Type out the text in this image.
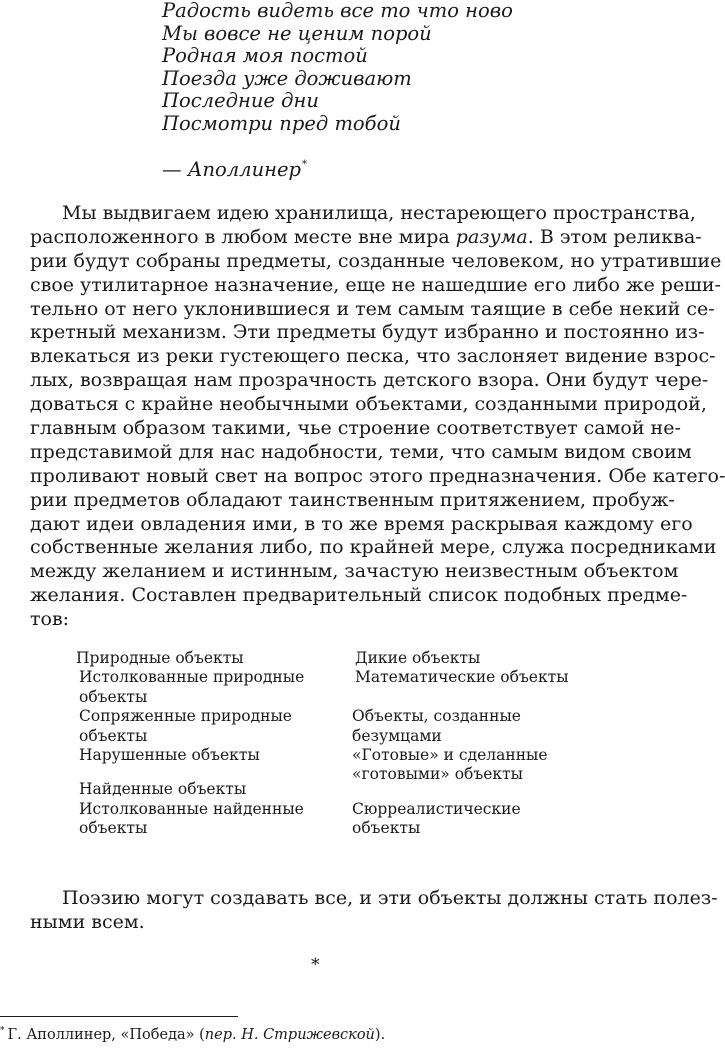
Радость видеть все то что ново
Мы вовсе не ценим порой
Родная моя постой
Поезда уже доживают
Последние дни
Посмотри пред тобой
— Аполлинер*
Мы выдвигаем идею хранилища, нестареющего пространства,
расположенного в любом месте вне мира разума. В этом реликва-
рии будут собраны предметы, созданные человеком, но утратившие
свое утилитарное назначение, еще не нашедшие его либо же реши-
тельно от него уклонившиеся и тем самым таящие в себе некий се-
кретный механизм. Эти предметы будут избранно и постоянно из-
влекаться из реки густеющего песка, что заслоняет видение взрос-
лых, возвращая нам прозрачность детского взора. Они будут чере-
доваться с крайне необычными объектами, созданными природой,
главным образом такими, чье строение соответствует самой не-
представимой для нас надобности, теми, что самым видом своим
проливают новый свет на вопрос этого предназначения. Обе катего-
рии предметов обладают таинственным притяжением, пробуж-
дают идеи овладения ими, в то же время раскрывая каждому его
собственные желания либо, по крайней мере, служа посредниками
между желанием и истинным, зачастую неизвестным объектом
желания. Составлен предварительный список подобных предме-
тов:
Природные объекты
Истолкованные природные
объекты
Сопряженные природные
объекты
Нарушенные объекты
Найденные объекты
Истолкованные найденные
объекты
Дикие объекты
Математические объекты
Объекты, созданные
безумцами
«Готовые» и сделанные
«готовыми» объекты
Сюрреалистические
объекты
Поэзию могут создавать все, и эти объекты должны стать полез-
ными всем.
*
* Г. Аполлинер, «Победа» (пер. Н. Стрижевской).
